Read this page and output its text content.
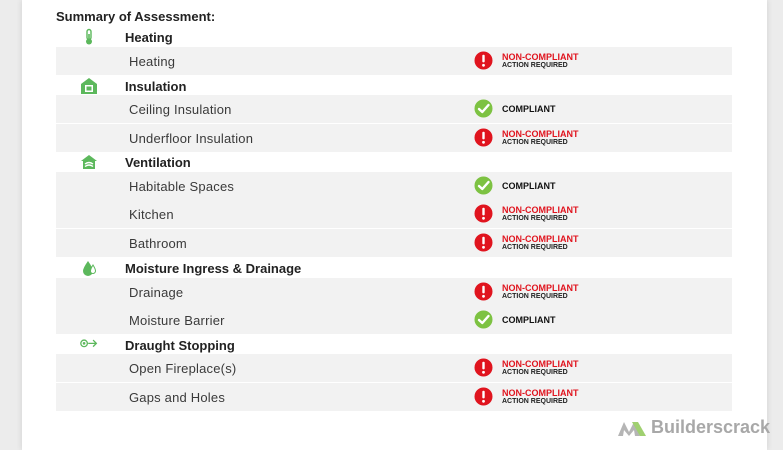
Summary of Assessment:
Heating
Heating	NON-COMPLIANT
ACTION REQUIRED
Insulation
Ceiling Insulation	COMPLIANT
Underfloor Insulation	NON-COMPLIANT
ACTION REQUIRED
Ventilation
Habitable Spaces	COMPLIANT
Kitchen	NON-COMPLIANT
ACTION REQUIRED
Bathroom	NON-COMPLIANT
ACTION REQUIRED
Moisture Ingress & Drainage
Drainage	NON-COMPLIANT
ACTION REQUIRED
Moisture Barrier	COMPLIANT
Draught Stopping
Open Fireplace(s)	NON-COMPLIANT
ACTION REQUIRED
Gaps and Holes	NON-COMPLIANT
ACTION REQUIRED
Builderscrack
